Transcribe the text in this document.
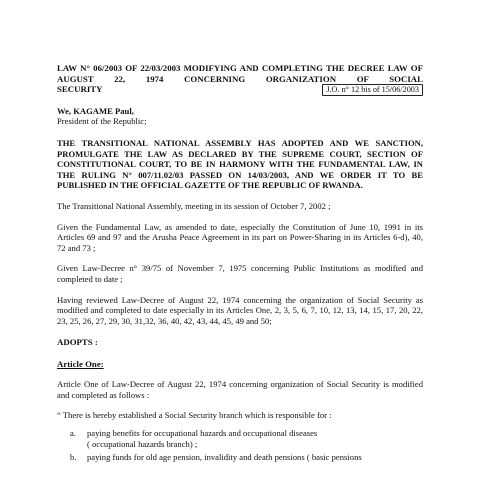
LAW N° 06/2003 OF 22/03/2003 MODIFYING AND COMPLETING THE DECREE LAW OF AUGUST 22, 1974 CONCERNING ORGANIZATION OF SOCIAL
SECURITY	J.O. n° 12 bis of 15/06/2003
We, KAGAME Paul,
President of the Republic;

THE TRANSITIONAL NATIONAL ASSEMBLY HAS ADOPTED AND WE SANCTION, PROMULGATE THE LAW AS DECLARED BY THE SUPREME COURT, SECTION OF CONSTITUTIONAL COURT, TO BE IN HARMONY WITH THE FUNDAMENTAL LAW, IN THE RULING N° 007/11.02/03 PASSED ON 14/03/2003, AND WE ORDER IT TO BE PUBLISHED IN THE OFFICIAL GAZETTE OF THE REPUBLIC OF RWANDA.

The Transitional National Assembly, meeting in its session of October 7, 2002 ;

Given the Fundamental Law, as amended to date, especially the Constitution of June 10, 1991 in its Articles 69 and 97 and the Arusha Peace Agreement in its part on Power-Sharing in its Articles 6-d), 40, 72 and 73 ;

Given Law-Decree n° 39/75 of November 7, 1975 concerning Public Institutions as modified and completed to date ;

Having reviewed Law-Decree of August 22, 1974 concerning the organization of Social Security as modified and completed to date especially in its Articles One, 2, 3, 5, 6, 7, 10, 12, 13, 14, 15, 17, 20, 22, 23, 25, 26, 27, 29, 30, 31,32, 36, 40, 42, 43, 44, 45, 49 and 50;

ADOPTS :
Article One:

Article One of Law-Decree of August 22, 1974 concerning organization of Social Security is modified and completed as follows :

“ There is hereby established a Social Security branch which is responsible for :

a.	paying benefits for occupational hazards and occupational diseases
( occupational hazards branch) ;
b.	paying funds for old age pension, invalidity and death pensions ( basic pensions
